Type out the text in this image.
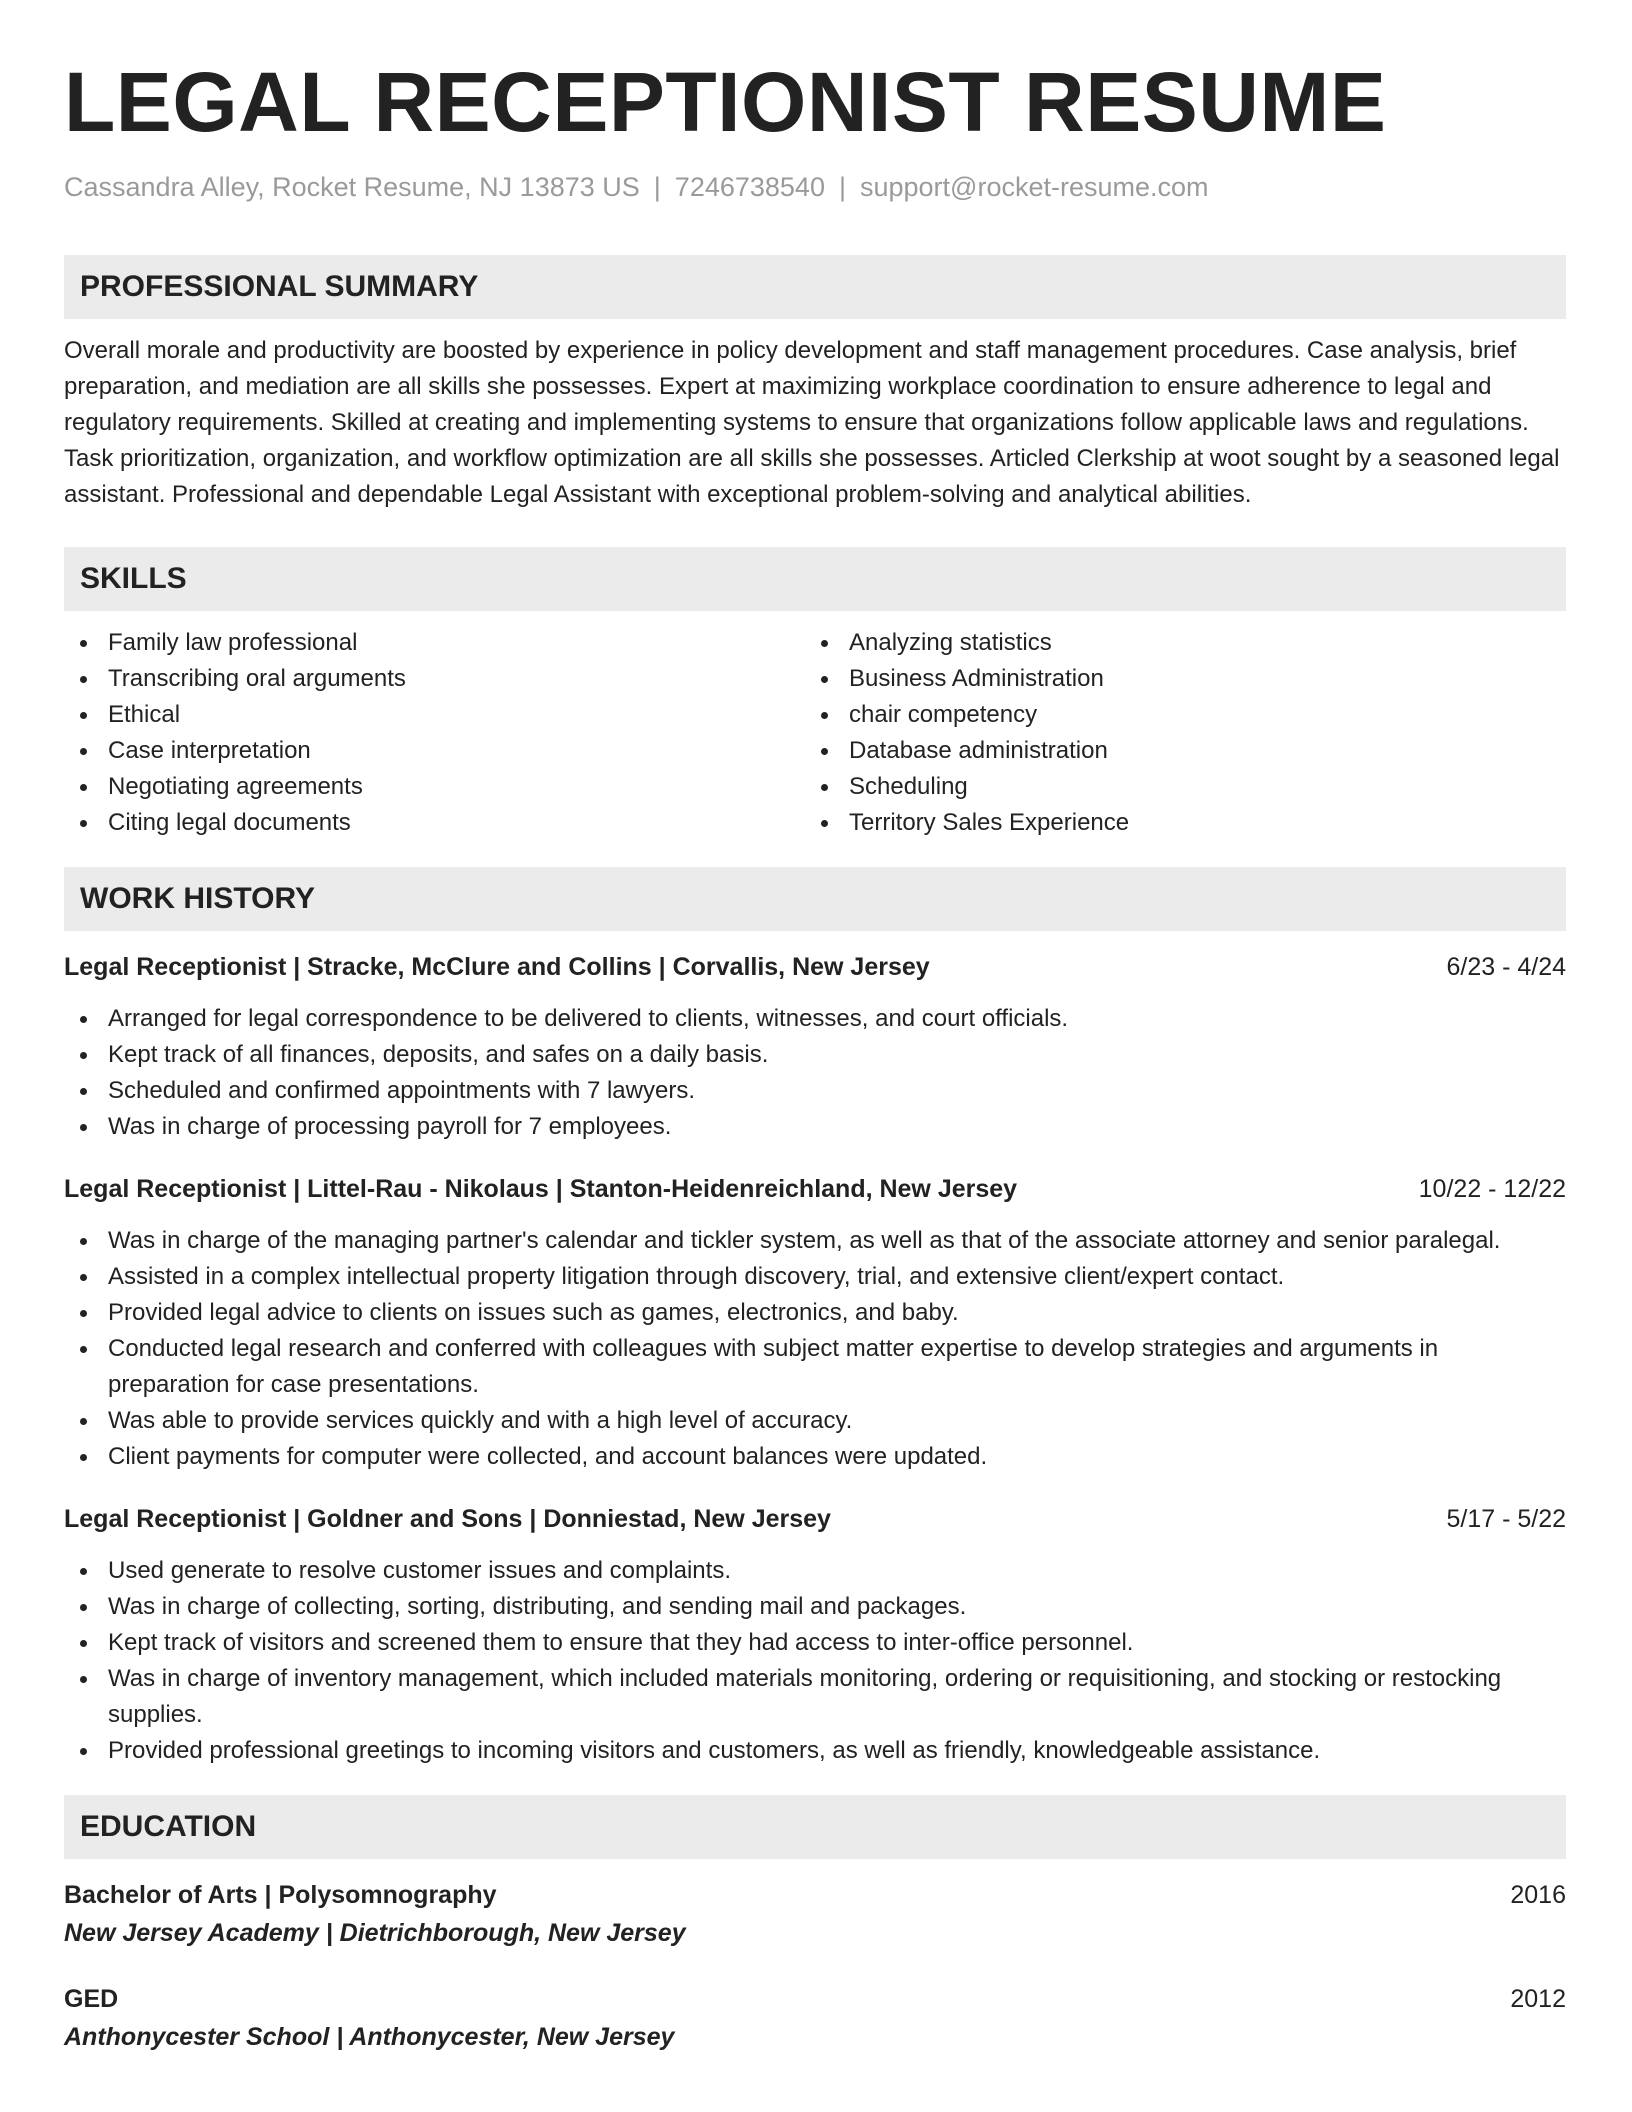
LEGAL RECEPTIONIST RESUME
Cassandra Alley, Rocket Resume, NJ 13873 US | 7246738540 | support@rocket-resume.com
PROFESSIONAL SUMMARY
Overall morale and productivity are boosted by experience in policy development and staff management procedures. Case analysis, brief preparation, and mediation are all skills she possesses. Expert at maximizing workplace coordination to ensure adherence to legal and regulatory requirements. Skilled at creating and implementing systems to ensure that organizations follow applicable laws and regulations. Task prioritization, organization, and workflow optimization are all skills she possesses. Articled Clerkship at woot sought by a seasoned legal assistant. Professional and dependable Legal Assistant with exceptional problem-solving and analytical abilities.
SKILLS
Family law professional
Transcribing oral arguments
Ethical
Case interpretation
Negotiating agreements
Citing legal documents
Analyzing statistics
Business Administration
chair competency
Database administration
Scheduling
Territory Sales Experience
WORK HISTORY
Legal Receptionist | Stracke, McClure and Collins | Corvallis, New Jersey	6/23 - 4/24
Arranged for legal correspondence to be delivered to clients, witnesses, and court officials.
Kept track of all finances, deposits, and safes on a daily basis.
Scheduled and confirmed appointments with 7 lawyers.
Was in charge of processing payroll for 7 employees.
Legal Receptionist | Littel-Rau - Nikolaus | Stanton-Heidenreichland, New Jersey	10/22 - 12/22
Was in charge of the managing partner's calendar and tickler system, as well as that of the associate attorney and senior paralegal.
Assisted in a complex intellectual property litigation through discovery, trial, and extensive client/expert contact.
Provided legal advice to clients on issues such as games, electronics, and baby.
Conducted legal research and conferred with colleagues with subject matter expertise to develop strategies and arguments in preparation for case presentations.
Was able to provide services quickly and with a high level of accuracy.
Client payments for computer were collected, and account balances were updated.
Legal Receptionist | Goldner and Sons | Donniestad, New Jersey	5/17 - 5/22
Used generate to resolve customer issues and complaints.
Was in charge of collecting, sorting, distributing, and sending mail and packages.
Kept track of visitors and screened them to ensure that they had access to inter-office personnel.
Was in charge of inventory management, which included materials monitoring, ordering or requisitioning, and stocking or restocking supplies.
Provided professional greetings to incoming visitors and customers, as well as friendly, knowledgeable assistance.
EDUCATION
Bachelor of Arts | Polysomnography	2016
New Jersey Academy | Dietrichborough, New Jersey
GED	2012
Anthonycester School | Anthonycester, New Jersey
